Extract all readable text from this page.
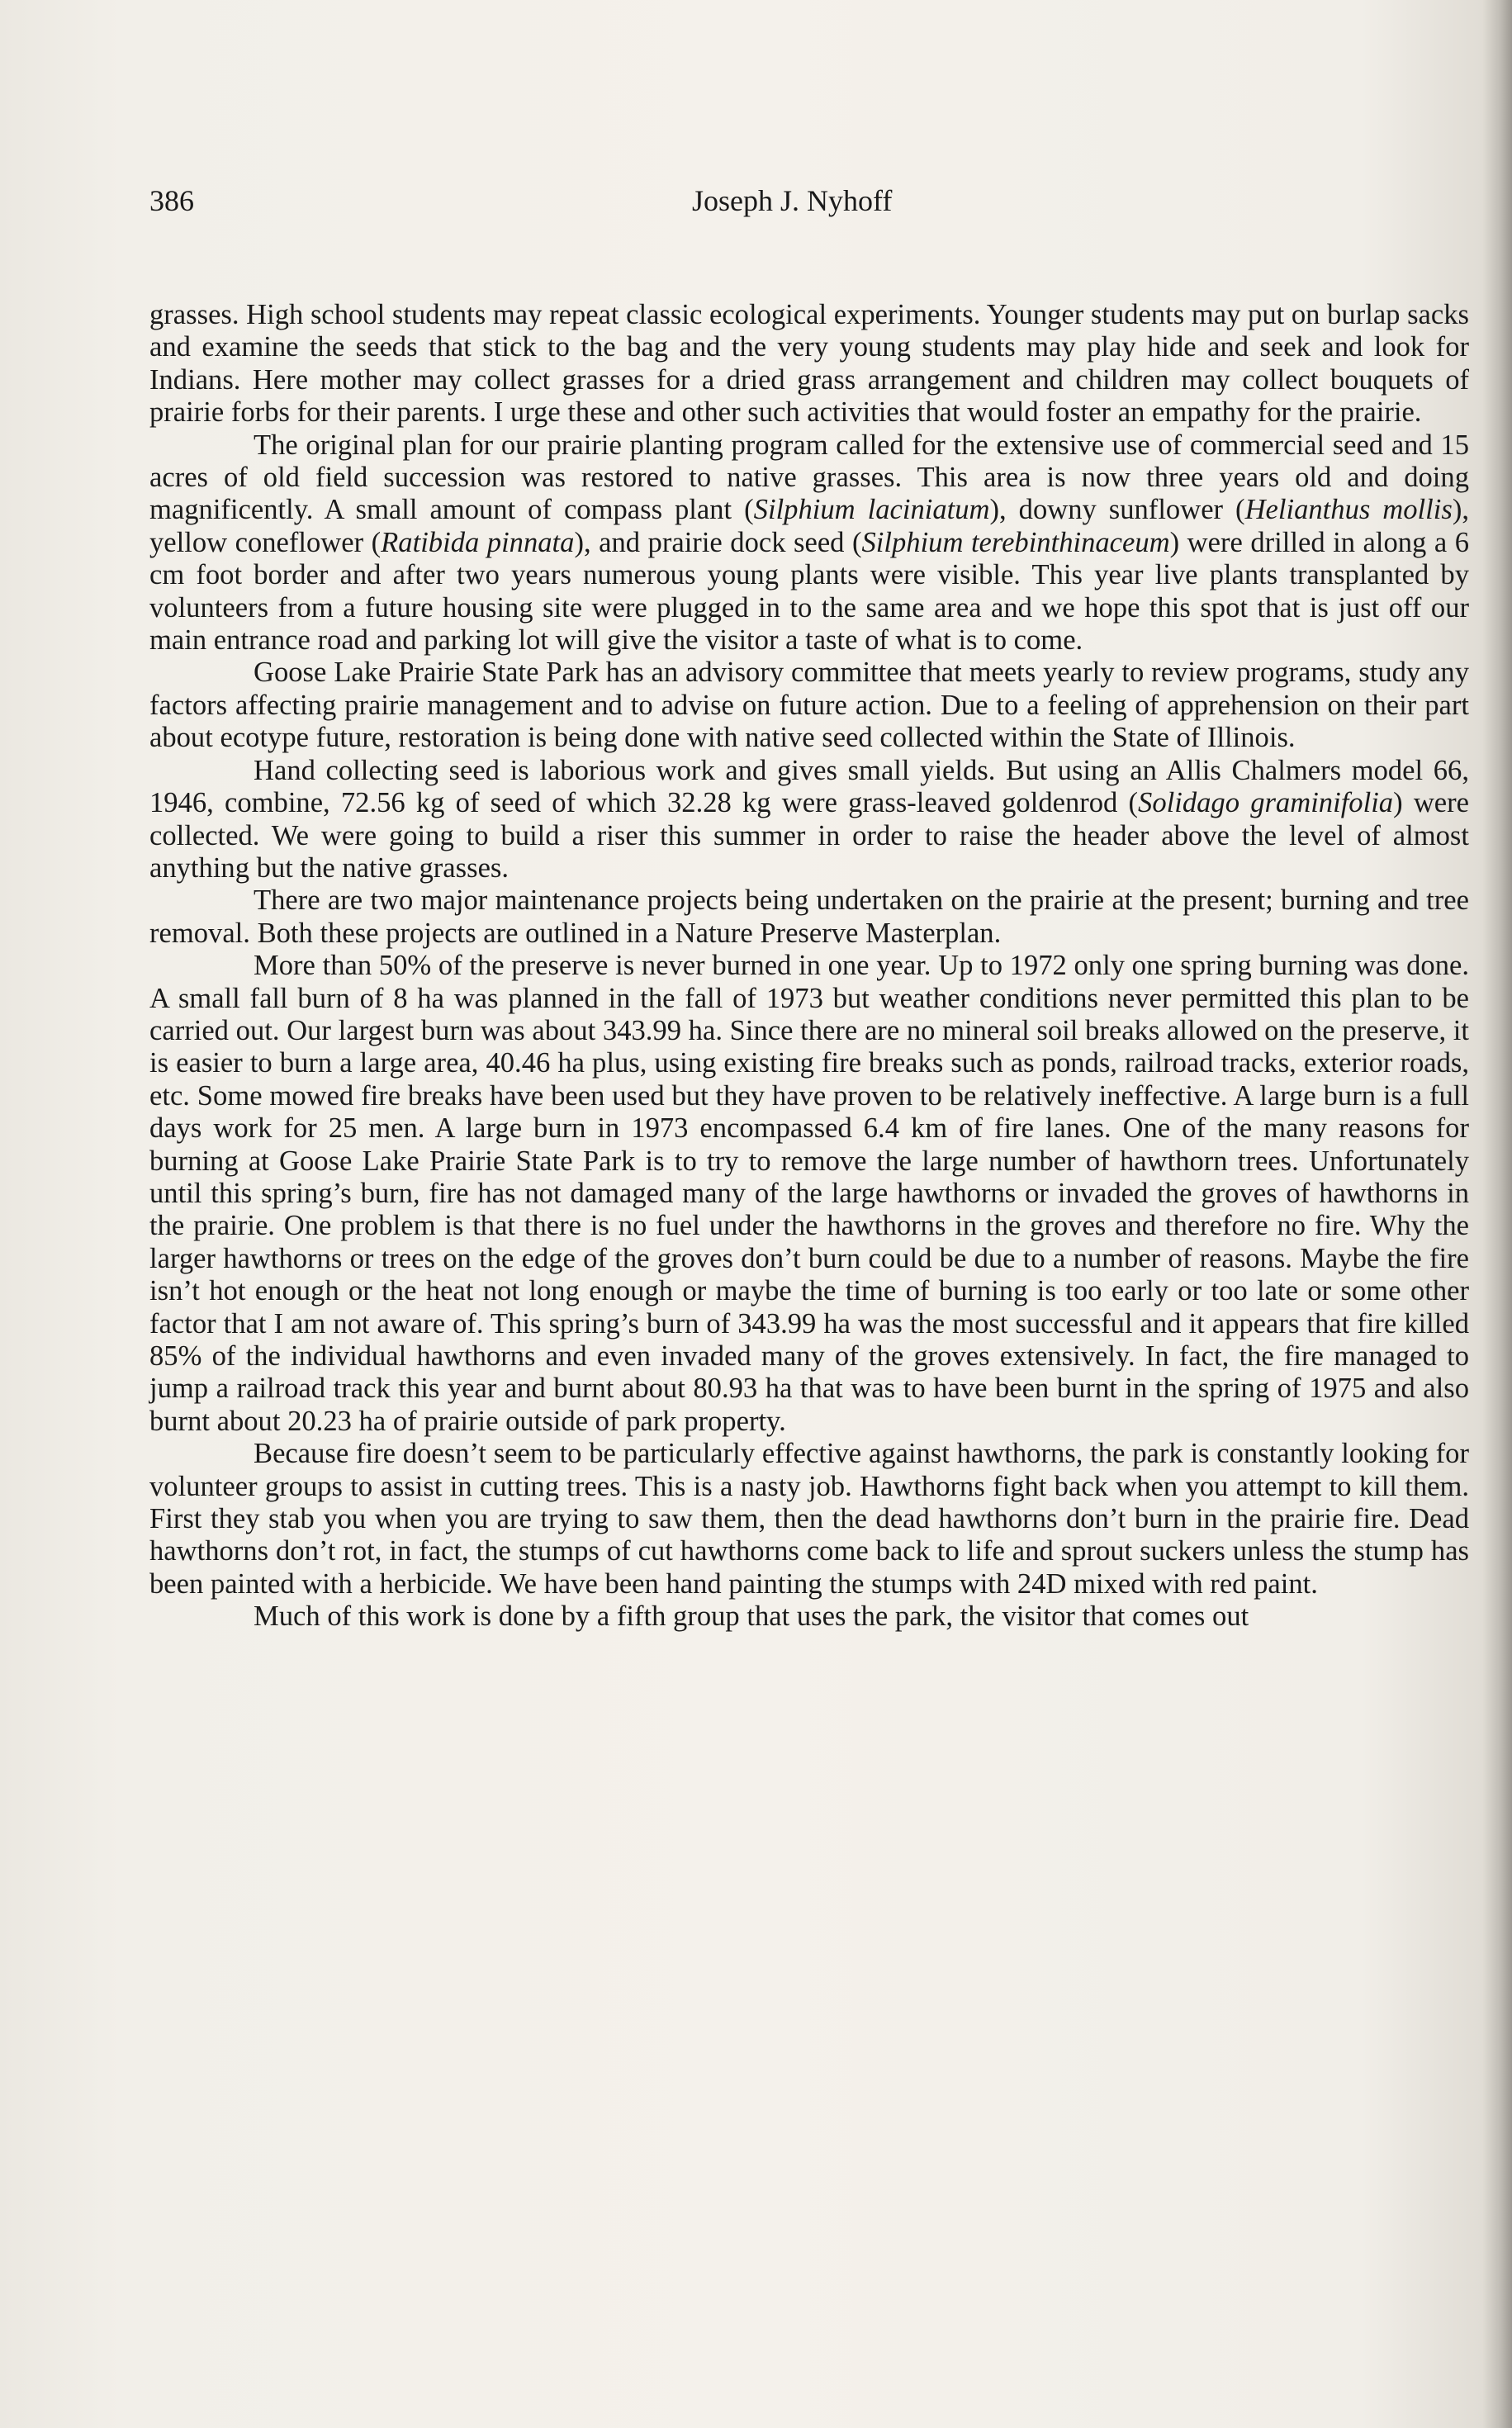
386	Joseph J. Nyhoff

grasses. High school students may repeat classic ecological experiments. Younger students may put on burlap sacks and examine the seeds that stick to the bag and the very young students may play hide and seek and look for Indians. Here mother may collect grasses for a dried grass arrangement and children may collect bouquets of prairie forbs for their parents. I urge these and other such activities that would foster an empathy for the prairie.

The original plan for our prairie planting program called for the extensive use of commercial seed and 15 acres of old field succession was restored to native grasses. This area is now three years old and doing magnificently. A small amount of compass plant (Silphium laciniatum), downy sunflower (Helianthus mollis), yellow coneflower (Ratibida pinnata), and prairie dock seed (Silphium terebinthinaceum) were drilled in along a 6 cm foot border and after two years numerous young plants were visible. This year live plants transplanted by volunteers from a future housing site were plugged in to the same area and we hope this spot that is just off our main entrance road and parking lot will give the visitor a taste of what is to come.

Goose Lake Prairie State Park has an advisory committee that meets yearly to review programs, study any factors affecting prairie management and to advise on future action. Due to a feeling of apprehension on their part about ecotype future, restoration is being done with native seed collected within the State of Illinois.

Hand collecting seed is laborious work and gives small yields. But using an Allis Chalmers model 66, 1946, combine, 72.56 kg of seed of which 32.28 kg were grass-leaved goldenrod (Solidago graminifolia) were collected. We were going to build a riser this summer in order to raise the header above the level of almost anything but the native grasses.

There are two major maintenance projects being undertaken on the prairie at the present; burning and tree removal. Both these projects are outlined in a Nature Preserve Masterplan.

More than 50% of the preserve is never burned in one year. Up to 1972 only one spring burning was done. A small fall burn of 8 ha was planned in the fall of 1973 but weather conditions never permitted this plan to be carried out. Our largest burn was about 343.99 ha. Since there are no mineral soil breaks allowed on the preserve, it is easier to burn a large area, 40.46 ha plus, using existing fire breaks such as ponds, railroad tracks, exterior roads, etc. Some mowed fire breaks have been used but they have proven to be relatively ineffective. A large burn is a full days work for 25 men. A large burn in 1973 encompassed 6.4 km of fire lanes. One of the many reasons for burning at Goose Lake Prairie State Park is to try to remove the large number of hawthorn trees. Unfortunately until this spring’s burn, fire has not damaged many of the large hawthorns or invaded the groves of hawthorns in the prairie. One problem is that there is no fuel under the hawthorns in the groves and therefore no fire. Why the larger hawthorns or trees on the edge of the groves don’t burn could be due to a number of reasons. Maybe the fire isn’t hot enough or the heat not long enough or maybe the time of burning is too early or too late or some other factor that I am not aware of. This spring’s burn of 343.99 ha was the most successful and it appears that fire killed 85% of the individual hawthorns and even invaded many of the groves extensively. In fact, the fire managed to jump a railroad track this year and burnt about 80.93 ha that was to have been burnt in the spring of 1975 and also burnt about 20.23 ha of prairie outside of park property.

Because fire doesn’t seem to be particularly effective against hawthorns, the park is constantly looking for volunteer groups to assist in cutting trees. This is a nasty job. Hawthorns fight back when you attempt to kill them. First they stab you when you are trying to saw them, then the dead hawthorns don’t burn in the prairie fire. Dead hawthorns don’t rot, in fact, the stumps of cut hawthorns come back to life and sprout suckers unless the stump has been painted with a herbicide. We have been hand painting the stumps with 24D mixed with red paint.

Much of this work is done by a fifth group that uses the park, the visitor that comes out
